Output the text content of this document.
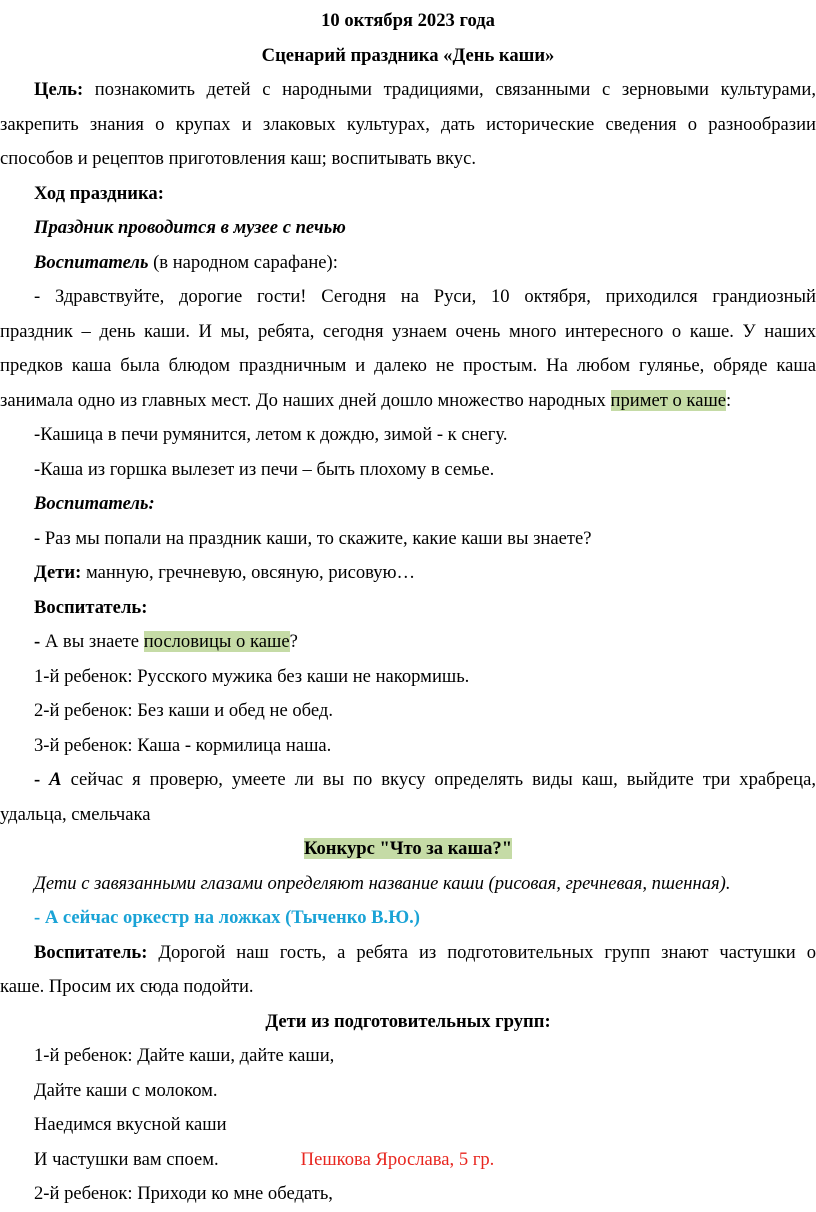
10 октября 2023 года

Сценарий праздника «День каши»

Цель: познакомить детей с народными традициями, связанными с зерновыми культурами,

закрепить знания о крупах и злаковых культурах, дать исторические сведения о разнообразии

способов и рецептов приготовления каш; воспитывать вкус.

Ход праздника:

Праздник проводится в музее с печью

Воспитатель (в народном сарафане):

- Здравствуйте, дорогие гости! Сегодня на Руси, 10 октября, приходился грандиозный

праздник – день каши. И мы, ребята, сегодня узнаем очень много интересного о каше. У наших

предков каша была блюдом праздничным и далеко не простым. На любом гулянье, обряде каша

занимала одно из главных мест. До наших дней дошло множество народных примет о каше:

-Кашица в печи румянится, летом к дождю, зимой - к снегу.

-Каша из горшка вылезет из печи – быть плохому в семье.

Воспитатель:

- Раз мы попали на праздник каши, то скажите, какие каши вы знаете?

Дети: манную, гречневую, овсяную, рисовую…

Воспитатель:

- А вы знаете пословицы о каше?

1-й ребенок: Русского мужика без каши не накормишь.

2-й ребенок: Без каши и обед не обед.

3-й ребенок: Каша - кормилица наша.

- А сейчас я проверю, умеете ли вы по вкусу определять виды каш, выйдите три храбреца,

удальца, смельчака

Конкурс "Что за каша?"

Дети с завязанными глазами определяют название каши (рисовая, гречневая, пшенная).

- А сейчас оркестр на ложках (Тыченко В.Ю.)

Воспитатель: Дорогой наш гость, а ребята из подготовительных групп знают частушки о

каше. Просим их сюда подойти.

Дети из подготовительных групп:

1-й ребенок: Дайте каши, дайте каши,

Дайте каши с молоком.

Наедимся вкусной каши

И частушки вам споем.	Пешкова Ярослава, 5 гр.

2-й ребенок: Приходи ко мне обедать,
